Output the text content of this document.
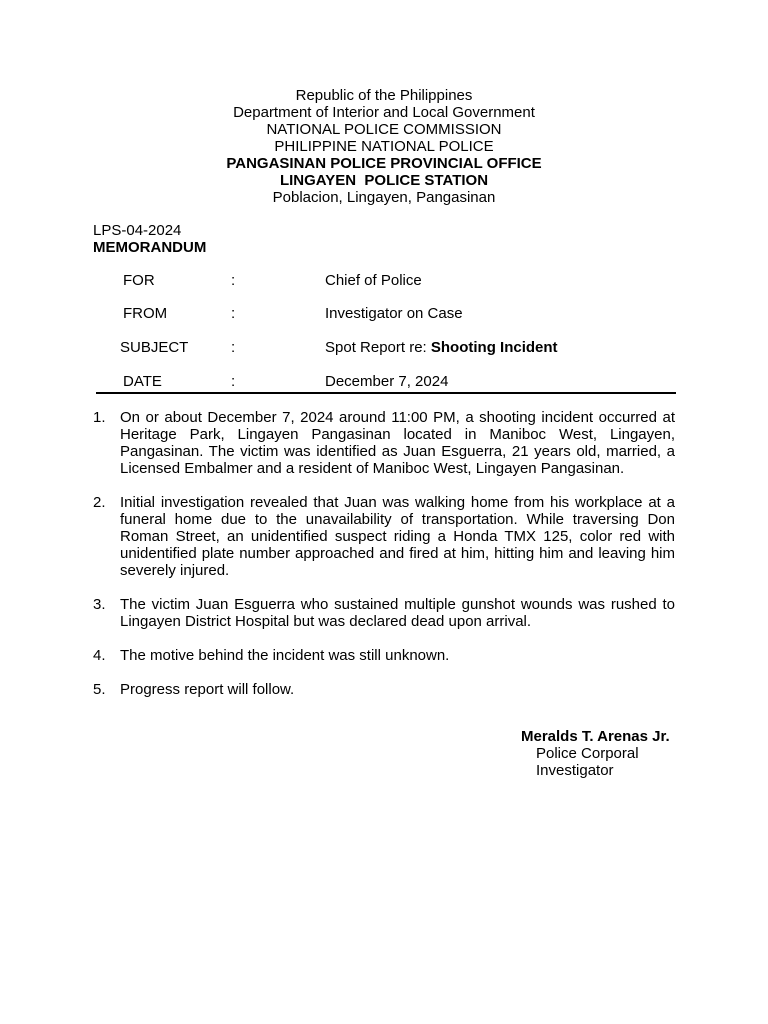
Republic of the Philippines
Department of Interior and Local Government
NATIONAL POLICE COMMISSION
PHILIPPINE NATIONAL POLICE
PANGASINAN POLICE PROVINCIAL OFFICE
LINGAYEN  POLICE STATION
Poblacion, Lingayen, Pangasinan
LPS-04-2024
MEMORANDUM
FOR	:	Chief of Police
FROM	:	Investigator on Case
SUBJECT	:	Spot Report re: Shooting Incident
DATE	:	December 7, 2024
1. On or about December 7, 2024 around 11:00 PM, a shooting incident occurred at Heritage Park, Lingayen Pangasinan located in Maniboc West, Lingayen, Pangasinan. The victim was identified as Juan Esguerra, 21 years old, married, a Licensed Embalmer and a resident of Maniboc West, Lingayen Pangasinan.
2. Initial investigation revealed that Juan was walking home from his workplace at a funeral home due to the unavailability of transportation. While traversing Don Roman Street, an unidentified suspect riding a Honda TMX 125, color red with unidentified plate number approached and fired at him, hitting him and leaving him severely injured.
3. The victim Juan Esguerra who sustained multiple gunshot wounds was rushed to Lingayen District Hospital but was declared dead upon arrival.
4. The motive behind the incident was still unknown.
5. Progress report will follow.
Meralds T. Arenas Jr.
Police Corporal
Investigator
